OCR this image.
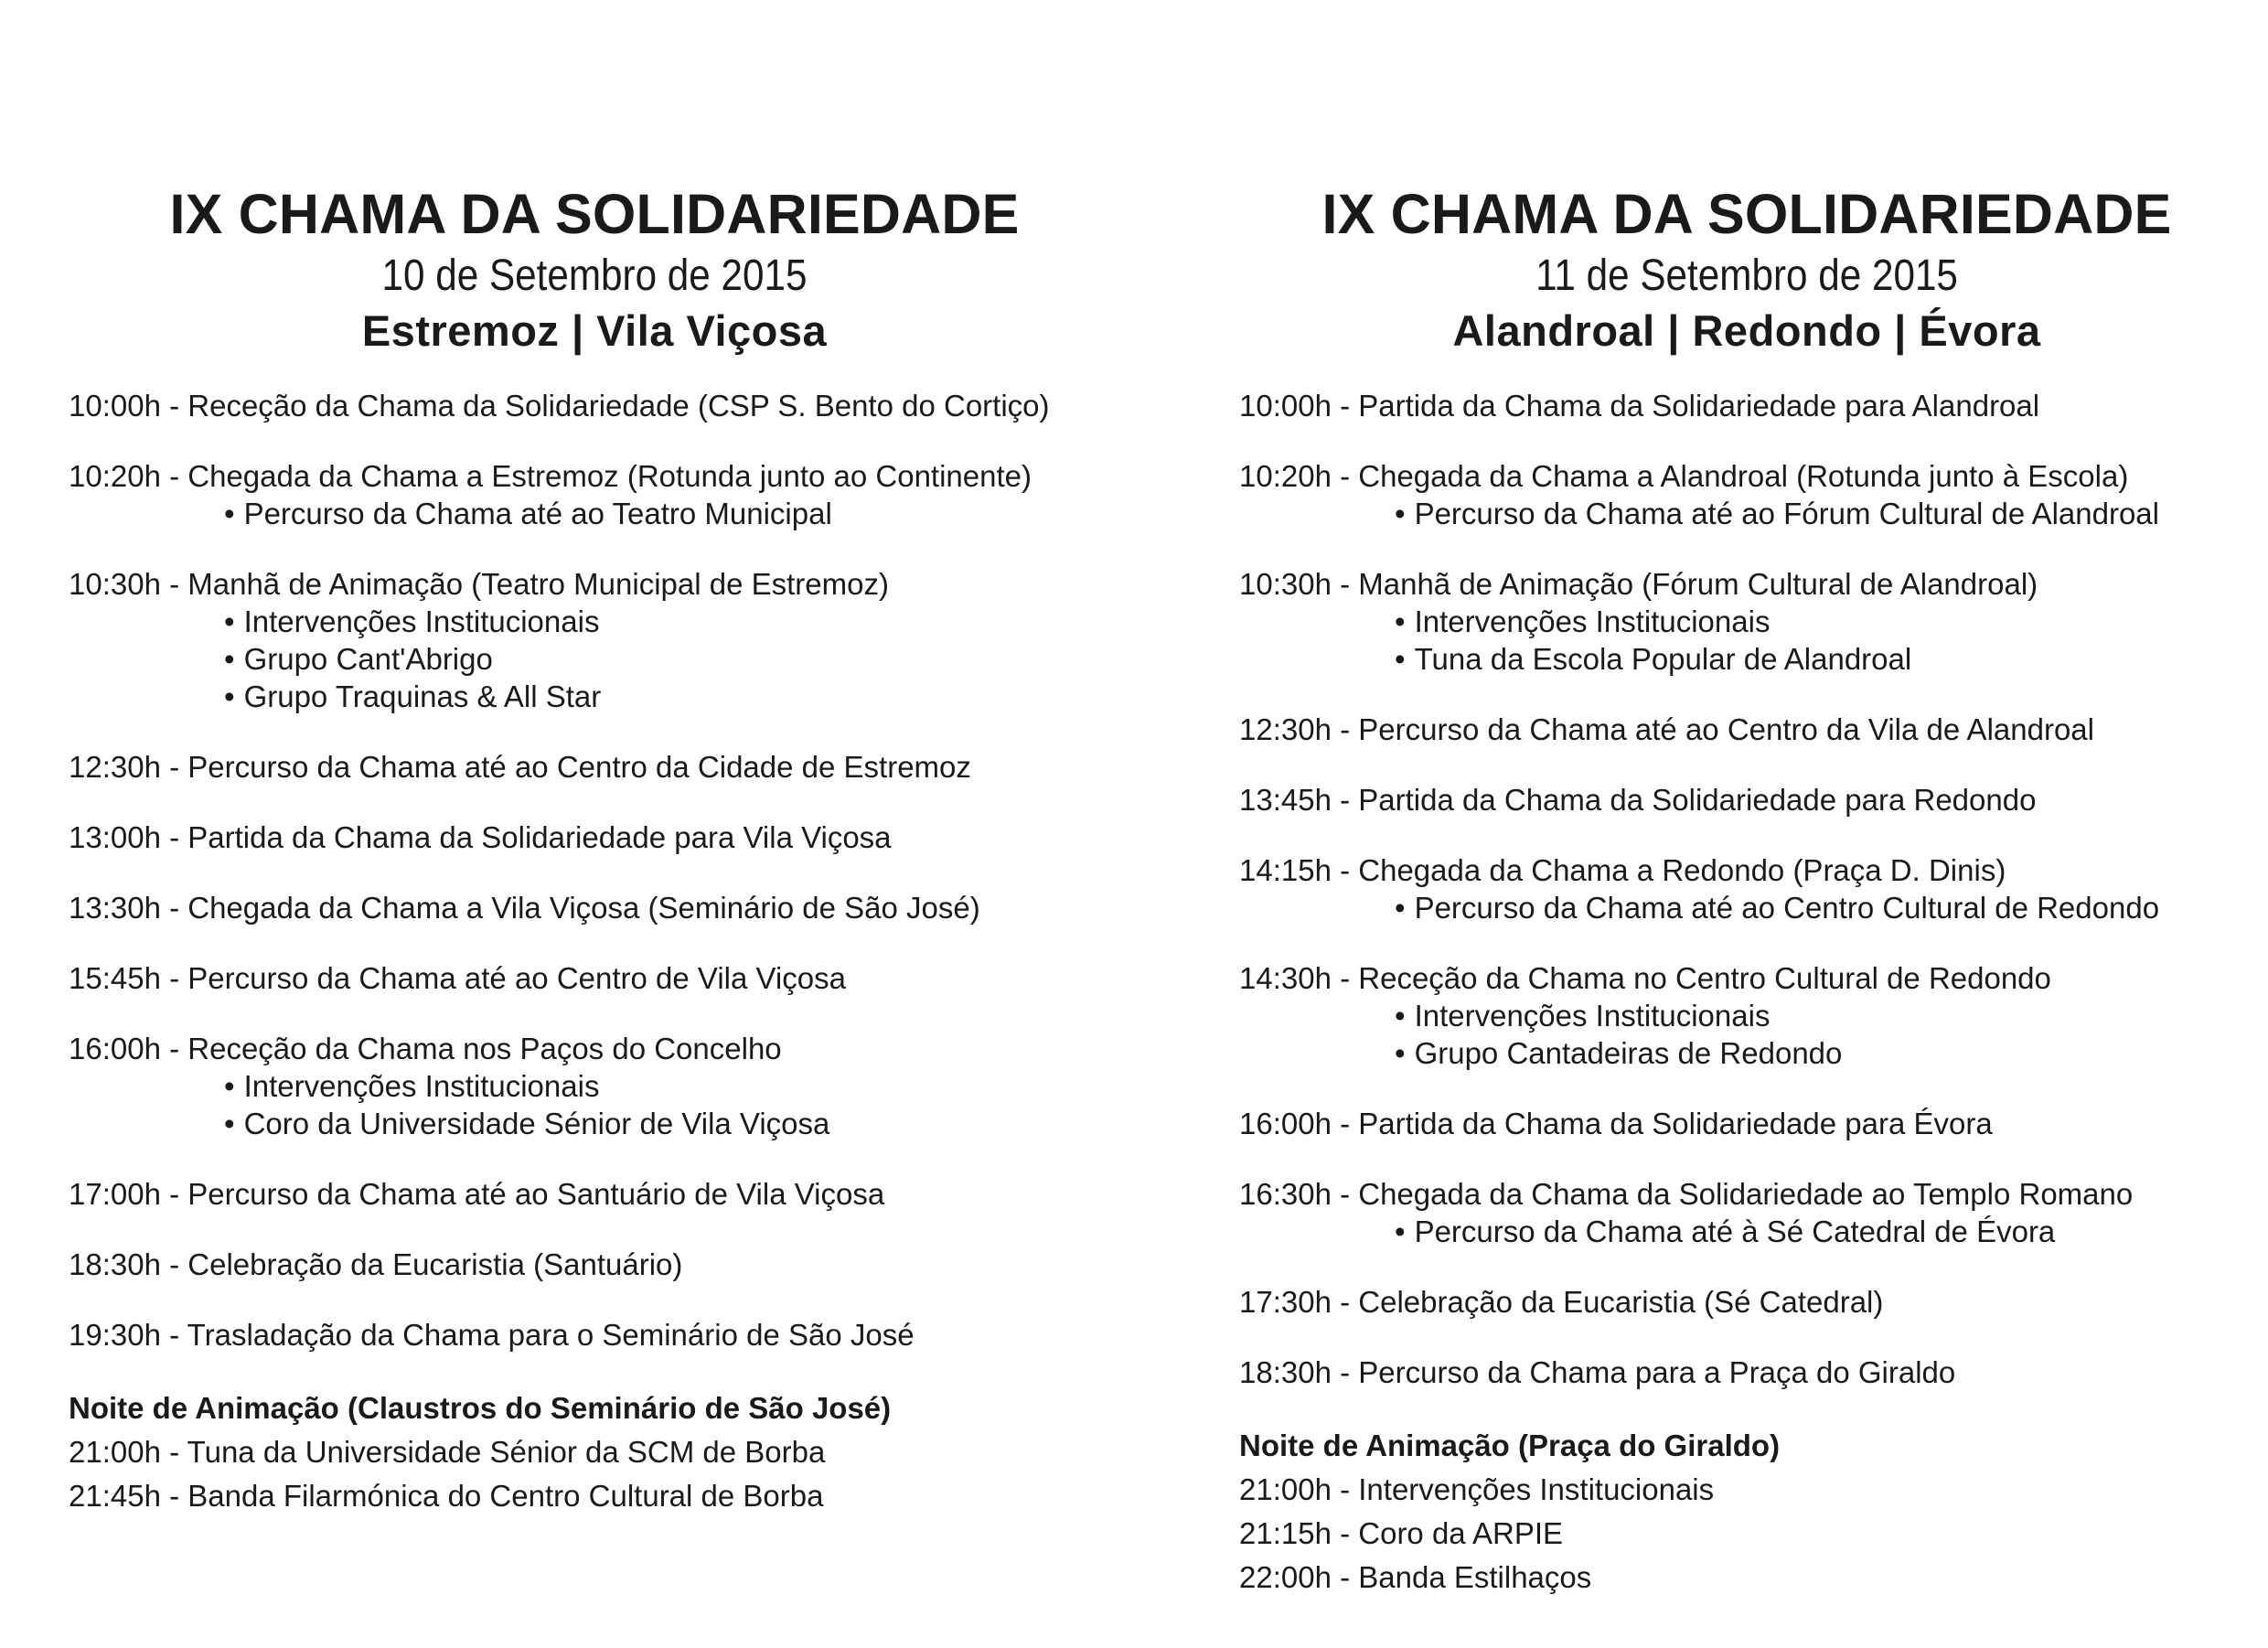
IX CHAMA DA SOLIDARIEDADE
10 de Setembro de 2015
Estremoz | Vila Viçosa
10:00h - Receção da Chama da Solidariedade (CSP S. Bento do Cortiço)
10:20h - Chegada da Chama a Estremoz (Rotunda junto ao Continente)
• Percurso da Chama até ao Teatro Municipal
10:30h - Manhã de Animação (Teatro Municipal de Estremoz)
• Intervenções Institucionais
• Grupo Cant'Abrigo
• Grupo Traquinas & All Star
12:30h - Percurso da Chama até ao Centro da Cidade de Estremoz
13:00h - Partida da Chama da Solidariedade para Vila Viçosa
13:30h - Chegada da Chama a Vila Viçosa (Seminário de São José)
15:45h - Percurso da Chama até ao Centro de Vila Viçosa
16:00h - Receção da Chama nos Paços do Concelho
• Intervenções Institucionais
• Coro da Universidade Sénior de Vila Viçosa
17:00h - Percurso da Chama até ao Santuário de Vila Viçosa
18:30h - Celebração da Eucaristia (Santuário)
19:30h - Trasladação da Chama para o Seminário de São José
Noite de Animação (Claustros do Seminário de São José)
21:00h - Tuna da Universidade Sénior da SCM de Borba
21:45h - Banda Filarmónica do Centro Cultural de Borba
IX CHAMA DA SOLIDARIEDADE
11 de Setembro de 2015
Alandroal | Redondo | Évora
10:00h - Partida da Chama da Solidariedade para Alandroal
10:20h - Chegada da Chama a Alandroal (Rotunda junto à Escola)
• Percurso da Chama até ao Fórum Cultural de Alandroal
10:30h - Manhã de Animação (Fórum Cultural de Alandroal)
• Intervenções Institucionais
• Tuna da Escola Popular de Alandroal
12:30h - Percurso da Chama até ao Centro da Vila de Alandroal
13:45h - Partida da Chama da Solidariedade para Redondo
14:15h - Chegada da Chama a Redondo (Praça D. Dinis)
• Percurso da Chama até ao Centro Cultural de Redondo
14:30h - Receção da Chama no Centro Cultural de Redondo
• Intervenções Institucionais
• Grupo Cantadeiras de Redondo
16:00h - Partida da Chama da Solidariedade para Évora
16:30h - Chegada da Chama da Solidariedade ao Templo Romano
• Percurso da Chama até à Sé Catedral de Évora
17:30h - Celebração da Eucaristia (Sé Catedral)
18:30h - Percurso da Chama para a Praça do Giraldo
Noite de Animação (Praça do Giraldo)
21:00h - Intervenções Institucionais
21:15h - Coro da ARPIE
22:00h - Banda Estilhaços
